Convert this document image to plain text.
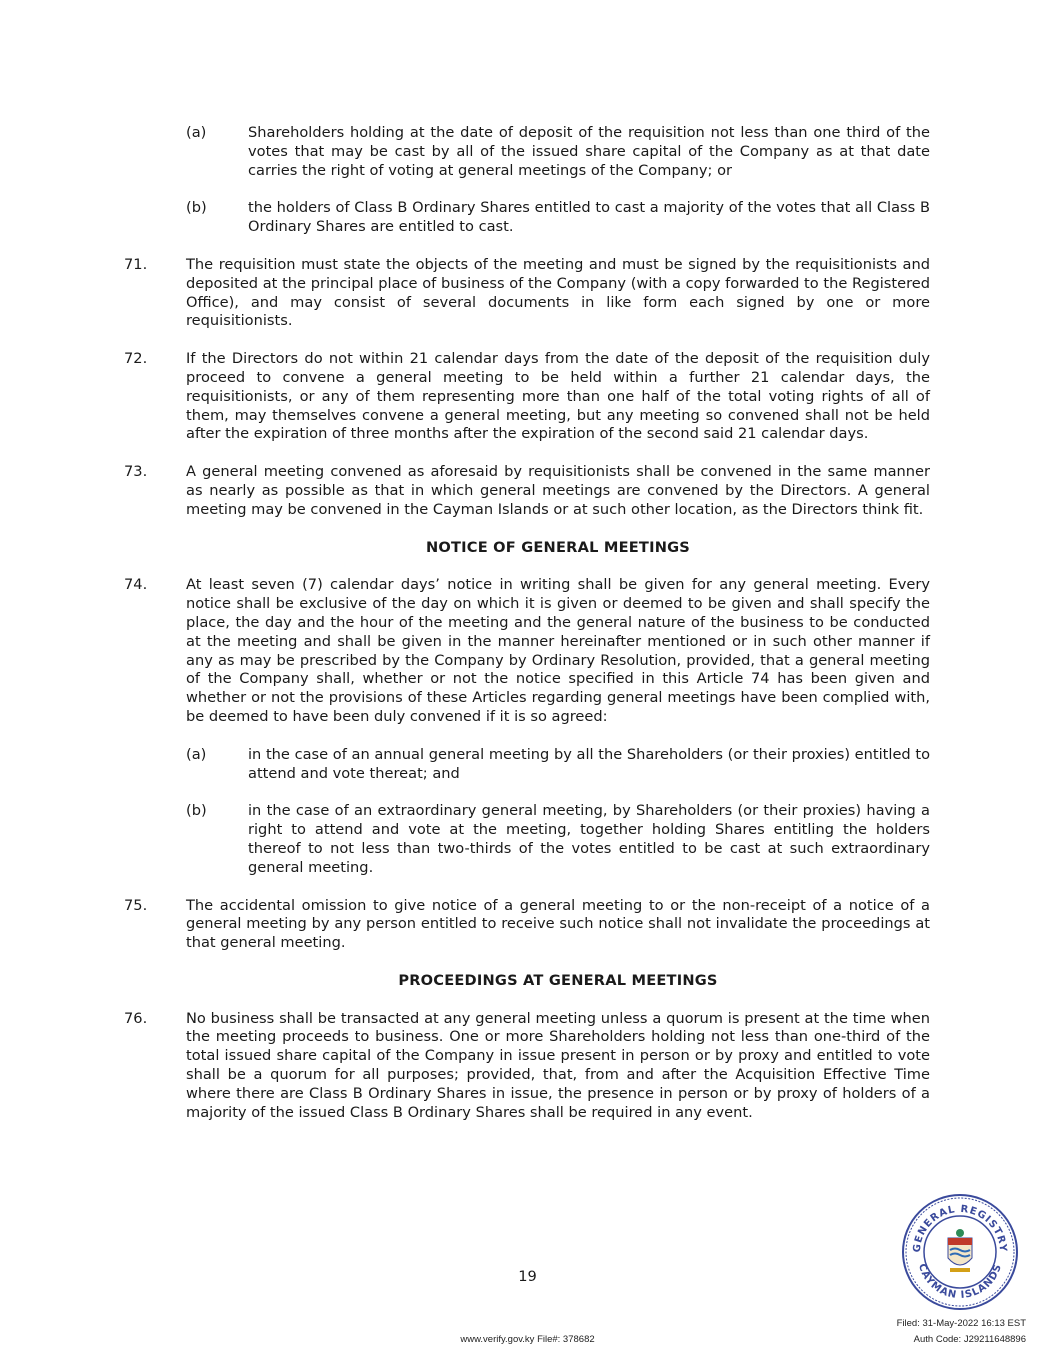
(a)	Shareholders holding at the date of deposit of the requisition not less than one third of the votes that may be cast by all of the issued share capital of the Company as at that date carries the right of voting at general meetings of the Company; or
(b)	the holders of Class B Ordinary Shares entitled to cast a majority of the votes that all Class B Ordinary Shares are entitled to cast.
71.	The requisition must state the objects of the meeting and must be signed by the requisitionists and deposited at the principal place of business of the Company (with a copy forwarded to the Registered Office), and may consist of several documents in like form each signed by one or more requisitionists.
72.	If the Directors do not within 21 calendar days from the date of the deposit of the requisition duly proceed to convene a general meeting to be held within a further 21 calendar days, the requisitionists, or any of them representing more than one half of the total voting rights of all of them, may themselves convene a general meeting, but any meeting so convened shall not be held after the expiration of three months after the expiration of the second said 21 calendar days.
73.	A general meeting convened as aforesaid by requisitionists shall be convened in the same manner as nearly as possible as that in which general meetings are convened by the Directors. A general meeting may be convened in the Cayman Islands or at such other location, as the Directors think fit.
NOTICE OF GENERAL MEETINGS
74.	At least seven (7) calendar days’ notice in writing shall be given for any general meeting. Every notice shall be exclusive of the day on which it is given or deemed to be given and shall specify the place, the day and the hour of the meeting and the general nature of the business to be conducted at the meeting and shall be given in the manner hereinafter mentioned or in such other manner if any as may be prescribed by the Company by Ordinary Resolution, provided, that a general meeting of the Company shall, whether or not the notice specified in this Article 74 has been given and whether or not the provisions of these Articles regarding general meetings have been complied with, be deemed to have been duly convened if it is so agreed:
(a)	in the case of an annual general meeting by all the Shareholders (or their proxies) entitled to attend and vote thereat; and
(b)	in the case of an extraordinary general meeting, by Shareholders (or their proxies) having a right to attend and vote at the meeting, together holding Shares entitling the holders thereof to not less than two-thirds of the votes entitled to be cast at such extraordinary general meeting.
75.	The accidental omission to give notice of a general meeting to or the non-receipt of a notice of a general meeting by any person entitled to receive such notice shall not invalidate the proceedings at that general meeting.
PROCEEDINGS AT GENERAL MEETINGS
76.	No business shall be transacted at any general meeting unless a quorum is present at the time when the meeting proceeds to business. One or more Shareholders holding not less than one-third of the total issued share capital of the Company in issue present in person or by proxy and entitled to vote shall be a quorum for all purposes; provided, that, from and after the Acquisition Effective Time where there are Class B Ordinary Shares in issue, the presence in person or by proxy of holders of a majority of the issued Class B Ordinary Shares shall be required in any event.
19
GENERAL REGISTRY
CAYMAN ISLANDS
Filed: 31-May-2022 16:13 EST
www.verify.gov.ky File#: 378682	Auth Code: J29211648896
